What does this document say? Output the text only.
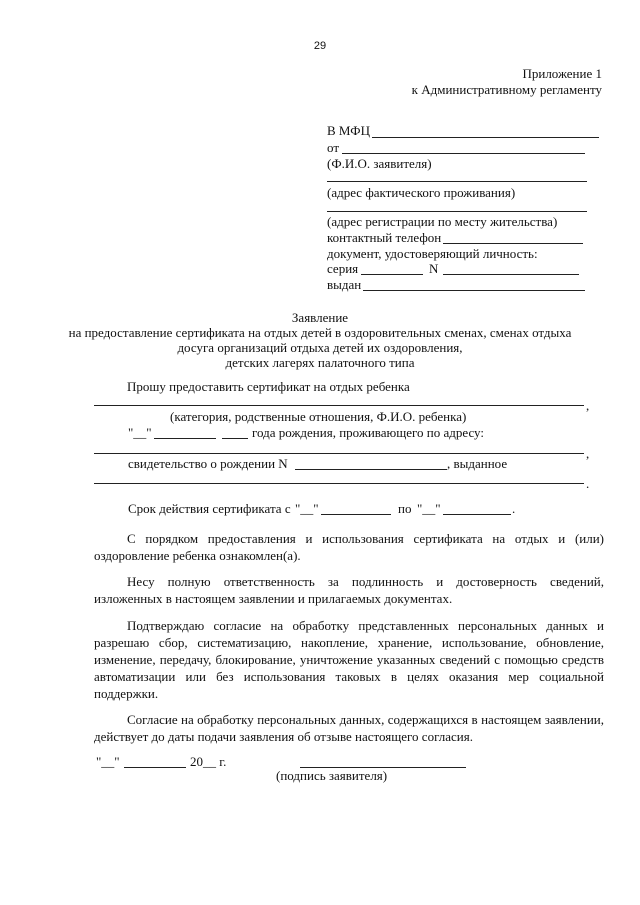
29
Приложение 1
к Административному регламенту
В МФЦ
от
(Ф.И.О. заявителя)
(адрес фактического проживания)
(адрес регистрации по месту жительства)
контактный телефон
документ, удостоверяющий личность:
серия	N
выдан
Заявление
на предоставление сертификата на отдых детей в оздоровительных сменах, сменах отдыха
досуга организаций отдыха детей их оздоровления,
детских лагерях палаточного типа
Прошу предоставить сертификат на отдых ребенка
,
(категория, родственные отношения, Ф.И.О. ребенка)
"__"	года рождения, проживающего по адресу:
,
свидетельство о рождении N	, выданное
.
Срок действия сертификата с "__"	по "__"	.
С порядком предоставления и использования сертификата на отдых и (или) оздоровление ребенка ознакомлен(а).
Несу полную ответственность за подлинность и достоверность сведений, изложенных в настоящем заявлении и прилагаемых документах.
Подтверждаю согласие на обработку представленных персональных данных и разрешаю сбор, систематизацию, накопление, хранение, использование, обновление, изменение, передачу, блокирование, уничтожение указанных сведений с помощью средств автоматизации или без использования таковых в целях оказания мер социальной поддержки.
Согласие на обработку персональных данных, содержащихся в настоящем заявлении, действует до даты подачи заявления об отзыве настоящего согласия.
"__"	20__ г.
(подпись заявителя)
